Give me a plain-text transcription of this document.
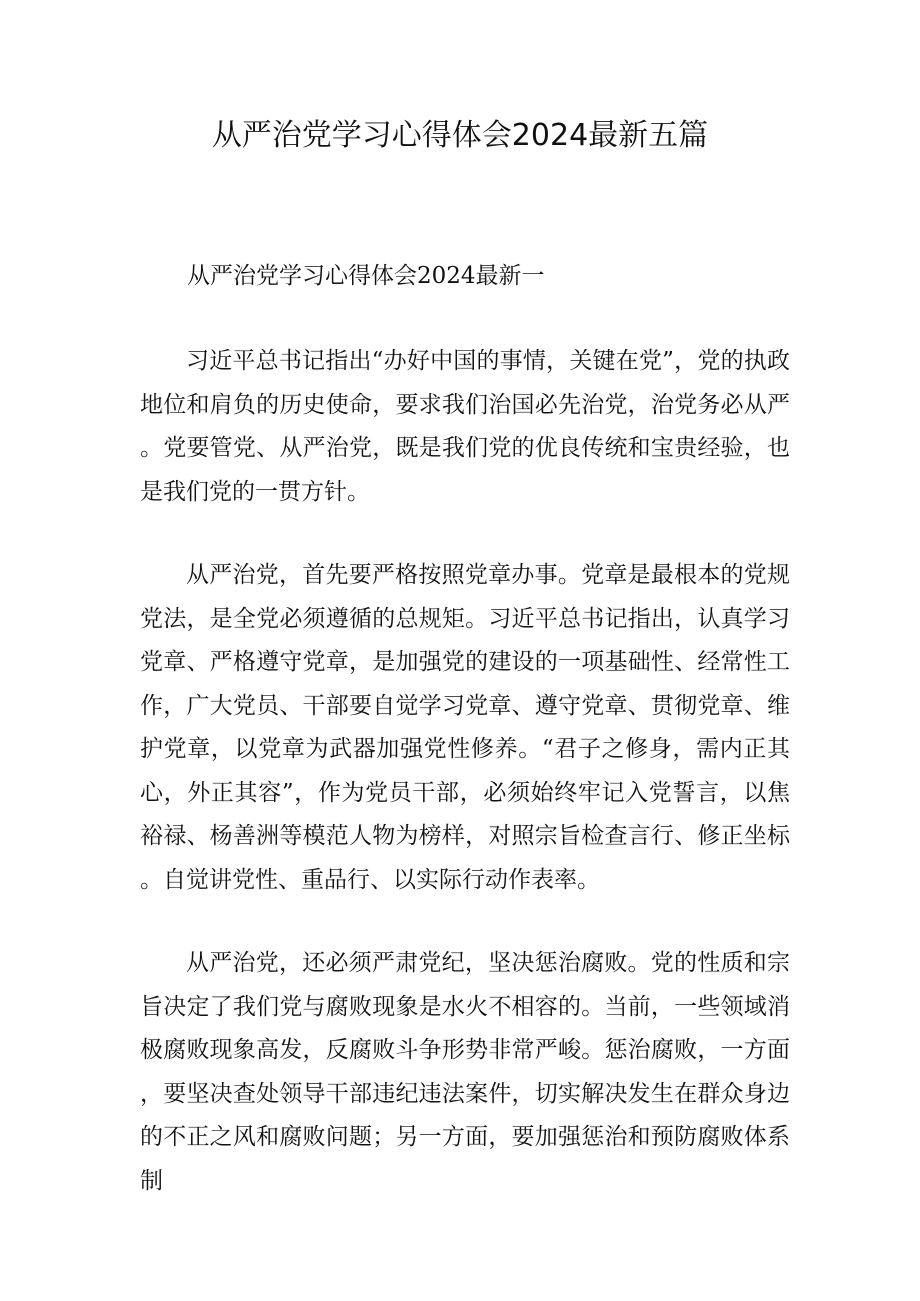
从严治党学习心得体会2024最新五篇
从严治党学习心得体会2024最新一

习近平总书记指出“办好中国的事情，关键在党”，党的执政地位和肩负的历史使命，要求我们治国必先治党，治党务必从严。党要管党、从严治党，既是我们党的优良传统和宝贵经验，也是我们党的一贯方针。

从严治党，首先要严格按照党章办事。党章是最根本的党规党法，是全党必须遵循的总规矩。习近平总书记指出，认真学习党章、严格遵守党章，是加强党的建设的一项基础性、经常性工作，广大党员、干部要自觉学习党章、遵守党章、贯彻党章、维护党章，以党章为武器加强党性修养。“君子之修身，需内正其心，外正其容”，作为党员干部，必须始终牢记入党誓言，以焦裕禄、杨善洲等模范人物为榜样，对照宗旨检查言行、修正坐标。自觉讲党性、重品行、以实际行动作表率。

从严治党，还必须严肃党纪，坚决惩治腐败。党的性质和宗旨决定了我们党与腐败现象是水火不相容的。当前，一些领域消极腐败现象高发，反腐败斗争形势非常严峻。惩治腐败，一方面，要坚决查处领导干部违纪违法案件，切实解决发生在群众身边的不正之风和腐败问题；另一方面，要加强惩治和预防腐败体系制
